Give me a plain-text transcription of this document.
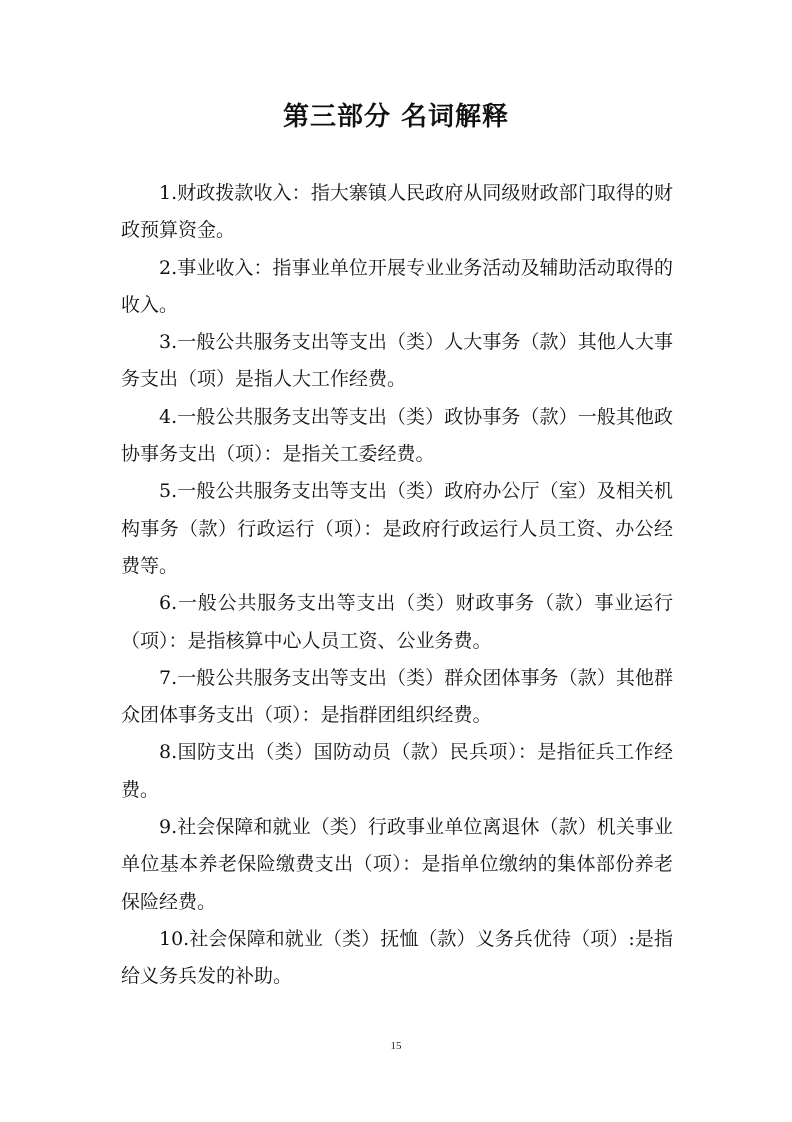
第三部分 名词解释

1.财政拨款收入：指大寨镇人民政府从同级财政部门取得的财政预算资金。

2.事业收入：指事业单位开展专业业务活动及辅助活动取得的收入。

3.一般公共服务支出等支出（类）人大事务（款）其他人大事务支出（项）是指人大工作经费。

4.一般公共服务支出等支出（类）政协事务（款）一般其他政协事务支出（项）：是指关工委经费。

5.一般公共服务支出等支出（类）政府办公厅（室）及相关机构事务（款）行政运行（项）：是政府行政运行人员工资、办公经费等。

6.一般公共服务支出等支出（类）财政事务（款）事业运行（项）：是指核算中心人员工资、公业务费。

7.一般公共服务支出等支出（类）群众团体事务（款）其他群众团体事务支出（项）：是指群团组织经费。

8.国防支出（类）国防动员（款）民兵项）：是指征兵工作经费。

9.社会保障和就业（类）行政事业单位离退休（款）机关事业单位基本养老保险缴费支出（项）：是指单位缴纳的集体部份养老保险经费。

10.社会保障和就业（类）抚恤（款）义务兵优待（项）:是指给义务兵发的补助。

15
